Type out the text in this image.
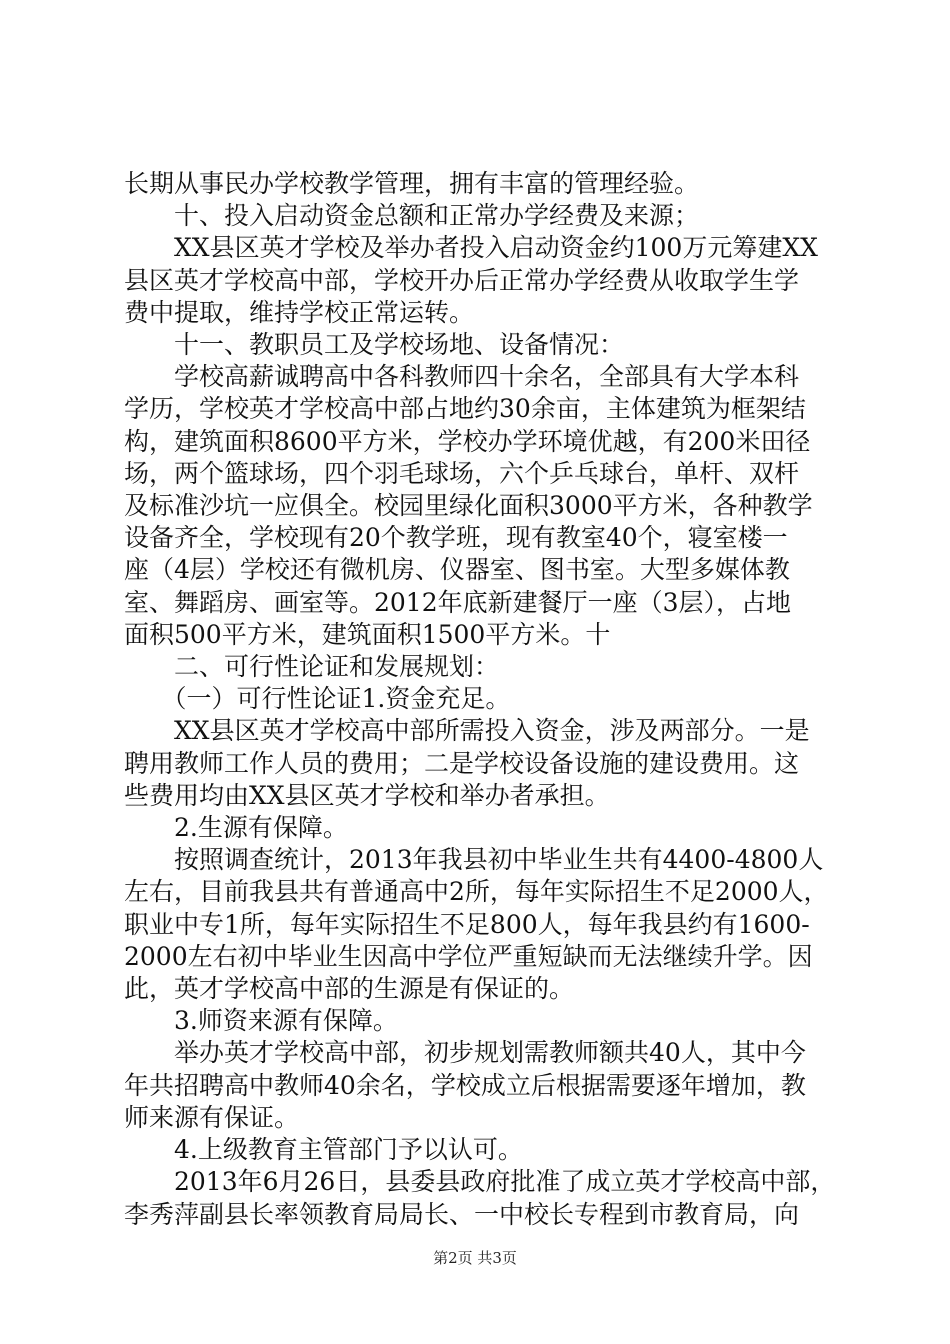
长期从事民办学校教学管理，拥有丰富的管理经验。
　　十、投入启动资金总额和正常办学经费及来源；
　　XX县区英才学校及举办者投入启动资金约100万元筹建XX
县区英才学校高中部，学校开办后正常办学经费从收取学生学
费中提取，维持学校正常运转。
　　十一、教职员工及学校场地、设备情况：
　　学校高薪诚聘高中各科教师四十余名，全部具有大学本科
学历，学校英才学校高中部占地约30余亩，主体建筑为框架结
构，建筑面积8600平方米，学校办学环境优越，有200米田径
场，两个篮球场，四个羽毛球场，六个乒乓球台，单杆、双杆
及标准沙坑一应俱全。校园里绿化面积3000平方米，各种教学
设备齐全，学校现有20个教学班，现有教室40个，寝室楼一
座（4层）学校还有微机房、仪器室、图书室。大型多媒体教
室、舞蹈房、画室等。2012年底新建餐厅一座（3层），占地
面积500平方米，建筑面积1500平方米。十
　　二、可行性论证和发展规划：
　　（一）可行性论证1.资金充足。
　　XX县区英才学校高中部所需投入资金，涉及两部分。一是
聘用教师工作人员的费用；二是学校设备设施的建设费用。这
些费用均由XX县区英才学校和举办者承担。
　　2.生源有保障。
　　按照调查统计，2013年我县初中毕业生共有4400-4800人
左右，目前我县共有普通高中2所，每年实际招生不足2000人，
职业中专1所，每年实际招生不足800人，每年我县约有1600-
2000左右初中毕业生因高中学位严重短缺而无法继续升学。因
此，英才学校高中部的生源是有保证的。
　　3.师资来源有保障。
　　举办英才学校高中部，初步规划需教师额共40人，其中今
年共招聘高中教师40余名，学校成立后根据需要逐年增加，教
师来源有保证。
　　4.上级教育主管部门予以认可。
　　2013年6月26日，县委县政府批准了成立英才学校高中部，
李秀萍副县长率领教育局局长、一中校长专程到市教育局，向
第2页 共3页
